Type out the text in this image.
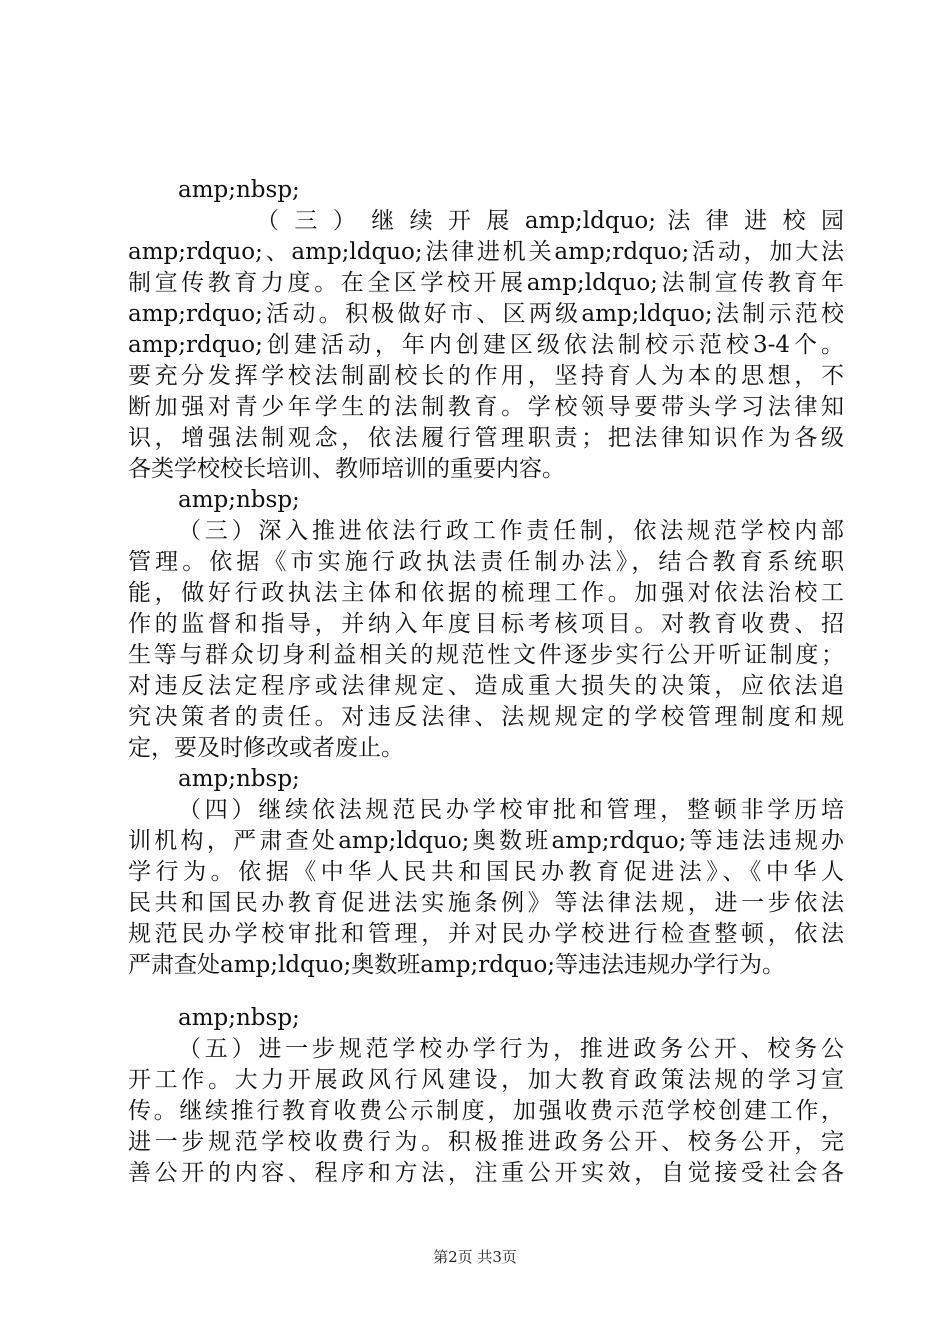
amp;nbsp;
（ 三 ） 继 续 开 展 amp;ldquo; 法 律 进 校 园
amp;rdquo;、amp;ldquo;法律进机关amp;rdquo;活动，加大法
制宣传教育力度。在全区学校开展amp;ldquo;法制宣传教育年
amp;rdquo;活动。积极做好市、区两级amp;ldquo;法制示范校
amp;rdquo;创建活动，年内创建区级依法制校示范校3-4个。
要充分发挥学校法制副校长的作用，坚持育人为本的思想，不
断加强对青少年学生的法制教育。学校领导要带头学习法律知
识，增强法制观念，依法履行管理职责；把法律知识作为各级
各类学校校长培训、教师培训的重要内容。
amp;nbsp;
（三）深入推进依法行政工作责任制，依法规范学校内部
管理。依据《市实施行政执法责任制办法》，结合教育系统职
能，做好行政执法主体和依据的梳理工作。加强对依法治校工
作的监督和指导，并纳入年度目标考核项目。对教育收费、招
生等与群众切身利益相关的规范性文件逐步实行公开听证制度；
对违反法定程序或法律规定、造成重大损失的决策，应依法追
究决策者的责任。对违反法律、法规规定的学校管理制度和规
定，要及时修改或者废止。
amp;nbsp;
（四）继续依法规范民办学校审批和管理，整顿非学历培
训机构，严肃查处amp;ldquo;奥数班amp;rdquo;等违法违规办
学行为。依据《中华人民共和国民办教育促进法》、《中华人
民共和国民办教育促进法实施条例》等法律法规，进一步依法
规范民办学校审批和管理，并对民办学校进行检查整顿，依法
严肃查处amp;ldquo;奥数班amp;rdquo;等违法违规办学行为。
amp;nbsp;
（五）进一步规范学校办学行为，推进政务公开、校务公
开工作。大力开展政风行风建设，加大教育政策法规的学习宣
传。继续推行教育收费公示制度，加强收费示范学校创建工作，
进一步规范学校收费行为。积极推进政务公开、校务公开，完
善公开的内容、程序和方法，注重公开实效，自觉接受社会各
第2页 共3页
